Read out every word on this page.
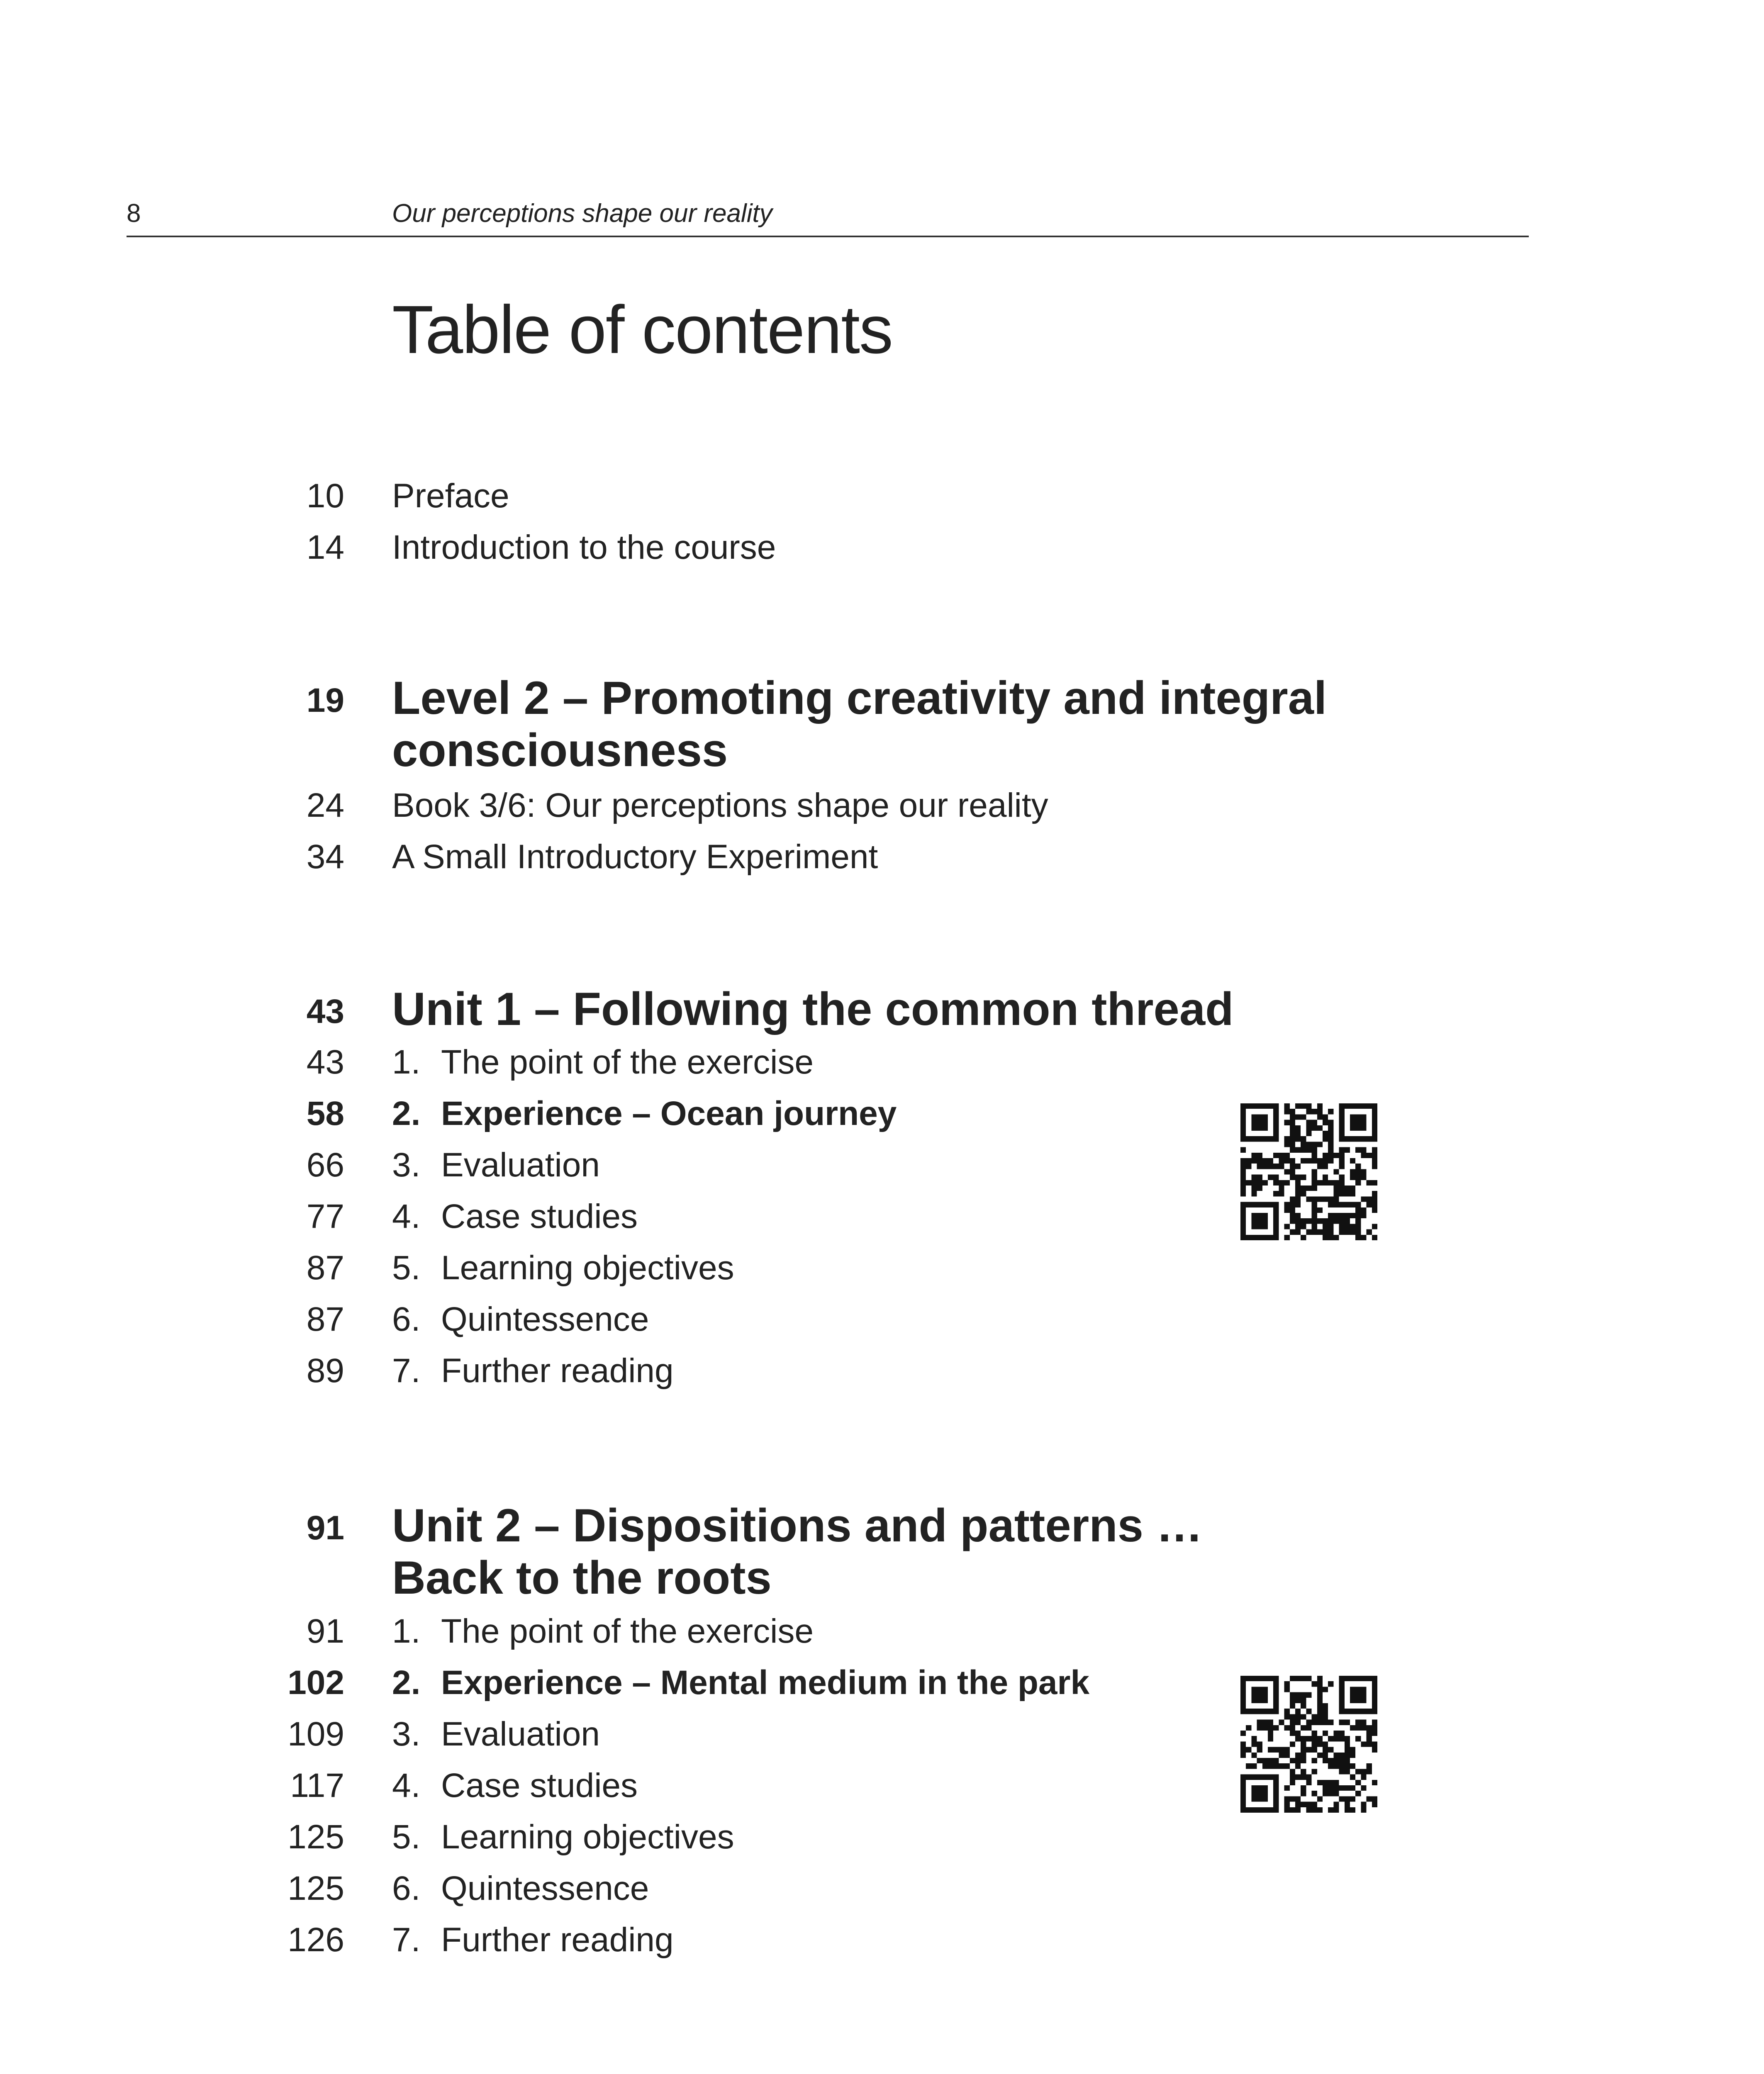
8	Our perceptions shape our reality
Table of contents
10 Preface
14 Introduction to the course
19 Level 2 – Promoting creativity and integral
consciousness
24 Book 3/6: Our perceptions shape our reality
34 A Small Introductory Experiment
43 Unit 1 – Following the common thread
43 1. The point of the exercise
58 2. Experience – Ocean journey
66 3. Evaluation
77 4. Case studies
87 5. Learning objectives
87 6. Quintessence
89 7. Further reading
91 Unit 2 – Dispositions and patterns …
Back to the roots
91 1. The point of the exercise
102 2. Experience – Mental medium in the park
109 3. Evaluation
117 4. Case studies
125 5. Learning objectives
125 6. Quintessence
126 7. Further reading
